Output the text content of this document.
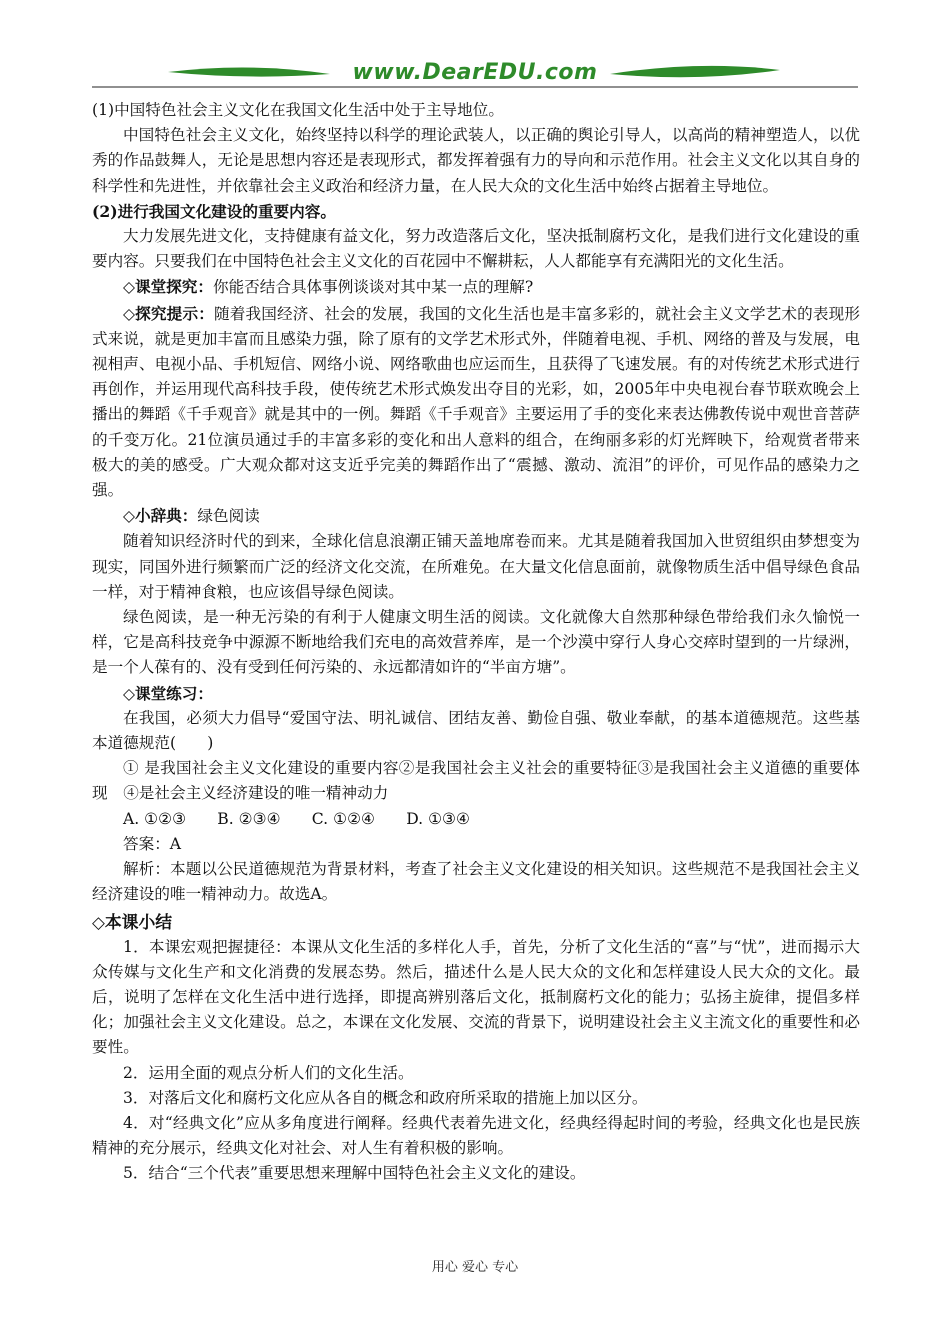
www.DearEDU.com

(1)中国特色社会主义文化在我国文化生活中处于主导地位。

中国特色社会主义文化，始终坚持以科学的理论武装人，以正确的舆论引导人，以高尚的精神塑造人，以优秀的作品鼓舞人，无论是思想内容还是表现形式，都发挥着强有力的导向和示范作用。社会主义文化以其自身的科学性和先进性，并依靠社会主义政治和经济力量，在人民大众的文化生活中始终占据着主导地位。

(2)进行我国文化建设的重要内容。

大力发展先进文化，支持健康有益文化，努力改造落后文化，坚决抵制腐朽文化，是我们进行文化建设的重要内容。只要我们在中国特色社会主义文化的百花园中不懈耕耘，人人都能享有充满阳光的文化生活。

◇课堂探究：你能否结合具体事例谈谈对其中某一点的理解?

◇探究提示：随着我国经济、社会的发展，我国的文化生活也是丰富多彩的，就社会主义文学艺术的表现形式来说，就是更加丰富而且感染力强，除了原有的文学艺术形式外，伴随着电视、手机、网络的普及与发展，电视相声、电视小品、手机短信、网络小说、网络歌曲也应运而生，且获得了飞速发展。有的对传统艺术形式进行再创作，并运用现代高科技手段，使传统艺术形式焕发出夺目的光彩，如，2005年中央电视台春节联欢晚会上播出的舞蹈《千手观音》就是其中的一例。舞蹈《千手观音》主要运用了手的变化来表达佛教传说中观世音菩萨的千变万化。21位演员通过手的丰富多彩的变化和出人意料的组合，在绚丽多彩的灯光辉映下，给观赏者带来极大的美的感受。广大观众都对这支近乎完美的舞蹈作出了“震撼、激动、流泪”的评价，可见作品的感染力之强。

◇小辞典：绿色阅读

随着知识经济时代的到来，全球化信息浪潮正铺天盖地席卷而来。尤其是随着我国加入世贸组织由梦想变为现实，同国外进行频繁而广泛的经济文化交流，在所难免。在大量文化信息面前，就像物质生活中倡导绿色食品一样，对于精神食粮，也应该倡导绿色阅读。

绿色阅读，是一种无污染的有利于人健康文明生活的阅读。文化就像大自然那种绿色带给我们永久愉悦一样，它是高科技竞争中源源不断地给我们充电的高效营养库，是一个沙漠中穿行人身心交瘁时望到的一片绿洲，是一个人葆有的、没有受到任何污染的、永远都清如许的“半亩方塘”。

◇课堂练习：

在我国，必须大力倡导“爱国守法、明礼诚信、团结友善、勤俭自强、敬业奉献，的基本道德规范。这些基本道德规范(　　)

① 是我国社会主义文化建设的重要内容②是我国社会主义社会的重要特征③是我国社会主义道德的重要体现　④是社会主义经济建设的唯一精神动力

A. ①②③　　B. ②③④　　C. ①②④　　D. ①③④

答案：A

解析：本题以公民道德规范为背景材料，考查了社会主义文化建设的相关知识。这些规范不是我国社会主义经济建设的唯一精神动力。故选A。

◇本课小结

1．本课宏观把握捷径：本课从文化生活的多样化人手，首先，分析了文化生活的“喜”与“忧”，进而揭示大众传媒与文化生产和文化消费的发展态势。然后，描述什么是人民大众的文化和怎样建设人民大众的文化。最后，说明了怎样在文化生活中进行选择，即提高辨别落后文化，抵制腐朽文化的能力；弘扬主旋律，提倡多样化；加强社会主义文化建设。总之，本课在文化发展、交流的背景下，说明建设社会主义主流文化的重要性和必要性。

2．运用全面的观点分析人们的文化生活。

3．对落后文化和腐朽文化应从各自的概念和政府所采取的措施上加以区分。

4．对“经典文化”应从多角度进行阐释。经典代表着先进文化，经典经得起时间的考验，经典文化也是民族精神的充分展示，经典文化对社会、对人生有着积极的影响。

5．结合“三个代表”重要思想来理解中国特色社会主义文化的建设。

用心 爱心 专心
